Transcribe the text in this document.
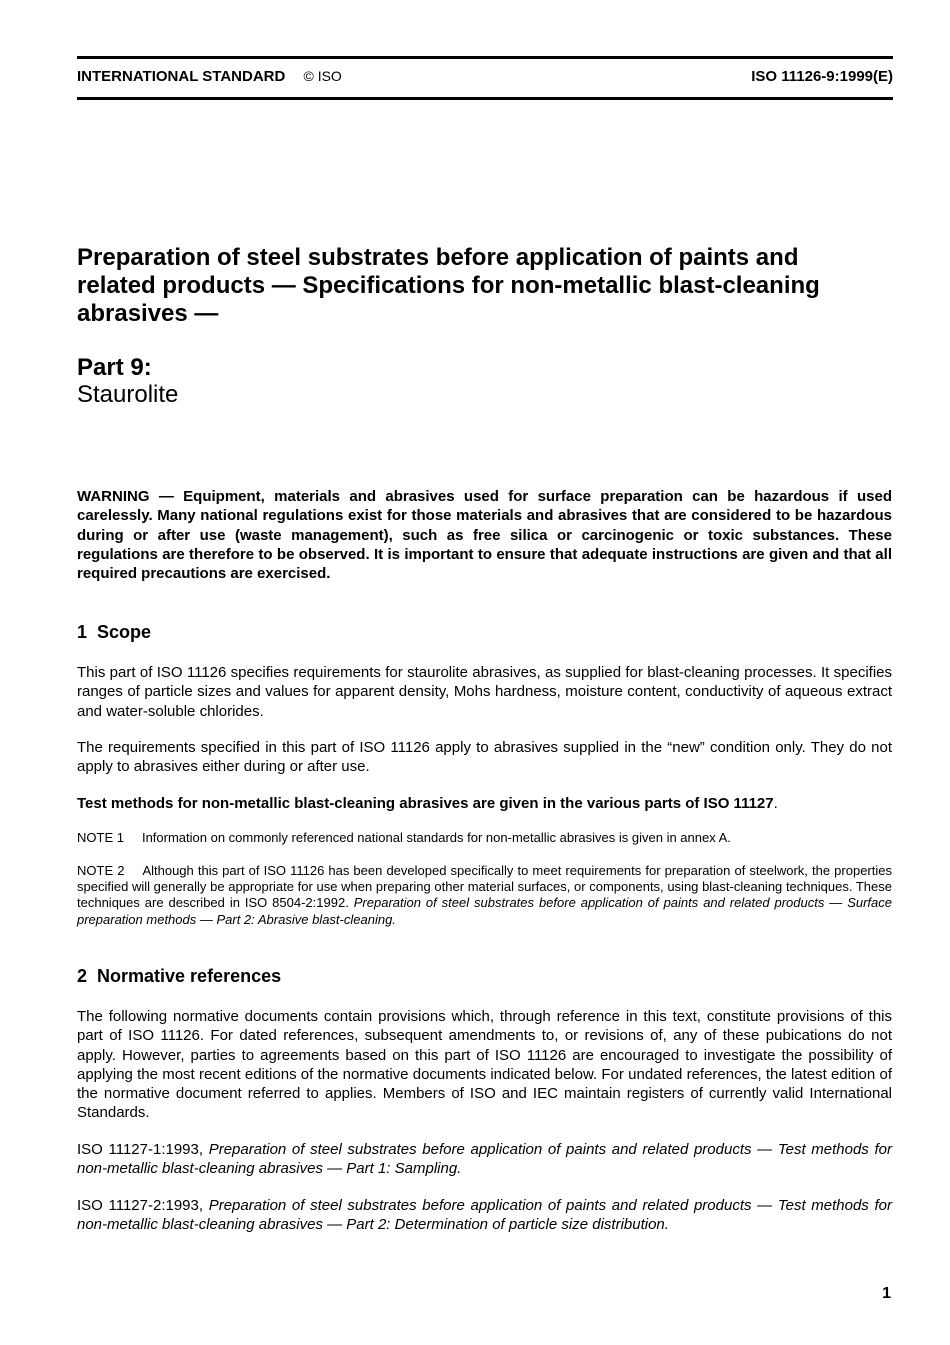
INTERNATIONAL STANDARD © ISO	ISO 11126-9:1999(E)
Preparation of steel substrates before application of paints and related products — Specifications for non-metallic blast-cleaning abrasives —
Part 9:
Staurolite
WARNING — Equipment, materials and abrasives used for surface preparation can be hazardous if used carelessly. Many national regulations exist for those materials and abrasives that are considered to be hazardous during or after use (waste management), such as free silica or carcinogenic or toxic substances. These regulations are therefore to be observed. It is important to ensure that adequate instructions are given and that all required precautions are exercised.
1 Scope
This part of ISO 11126 specifies requirements for staurolite abrasives, as supplied for blast-cleaning processes. It specifies ranges of particle sizes and values for apparent density, Mohs hardness, moisture content, conductivity of aqueous extract and water-soluble chlorides.
The requirements specified in this part of ISO 11126 apply to abrasives supplied in the “new” condition only. They do not apply to abrasives either during or after use.
Test methods for non-metallic blast-cleaning abrasives are given in the various parts of ISO 11127.
NOTE 1 Information on commonly referenced national standards for non-metallic abrasives is given in annex A.
NOTE 2 Although this part of ISO 11126 has been developed specifically to meet requirements for preparation of steelwork, the properties specified will generally be appropriate for use when preparing other material surfaces, or components, using blast-cleaning techniques. These techniques are described in ISO 8504-2:1992. Preparation of steel substrates before application of paints and related products — Surface preparation methods — Part 2: Abrasive blast-cleaning.
2 Normative references
The following normative documents contain provisions which, through reference in this text, constitute provisions of this part of ISO 11126. For dated references, subsequent amendments to, or revisions of, any of these pubications do not apply. However, parties to agreements based on this part of ISO 11126 are encouraged to investigate the possibility of applying the most recent editions of the normative documents indicated below. For undated references, the latest edition of the normative document referred to applies. Members of ISO and IEC maintain registers of currently valid International Standards.
ISO 11127-1:1993, Preparation of steel substrates before application of paints and related products — Test methods for non-metallic blast-cleaning abrasives — Part 1: Sampling.
ISO 11127-2:1993, Preparation of steel substrates before application of paints and related products — Test methods for non-metallic blast-cleaning abrasives — Part 2: Determination of particle size distribution.
1
